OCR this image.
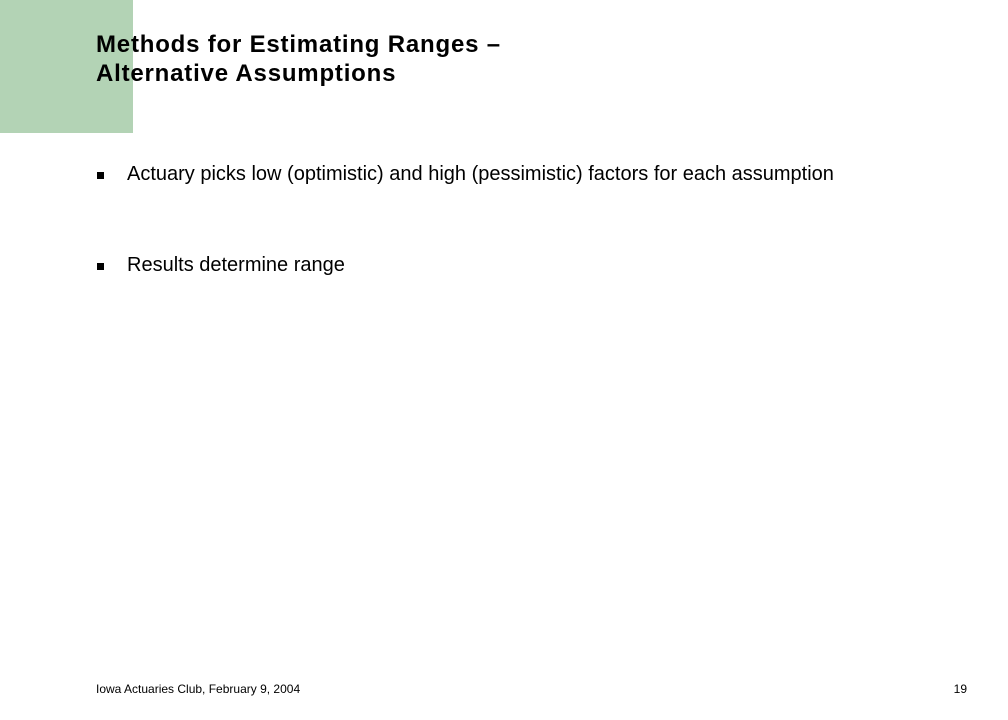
Methods for Estimating Ranges –
Alternative Assumptions
Actuary picks low (optimistic) and high (pessimistic) factors for each assumption
Results determine range
Iowa Actuaries Club, February 9, 2004	19
